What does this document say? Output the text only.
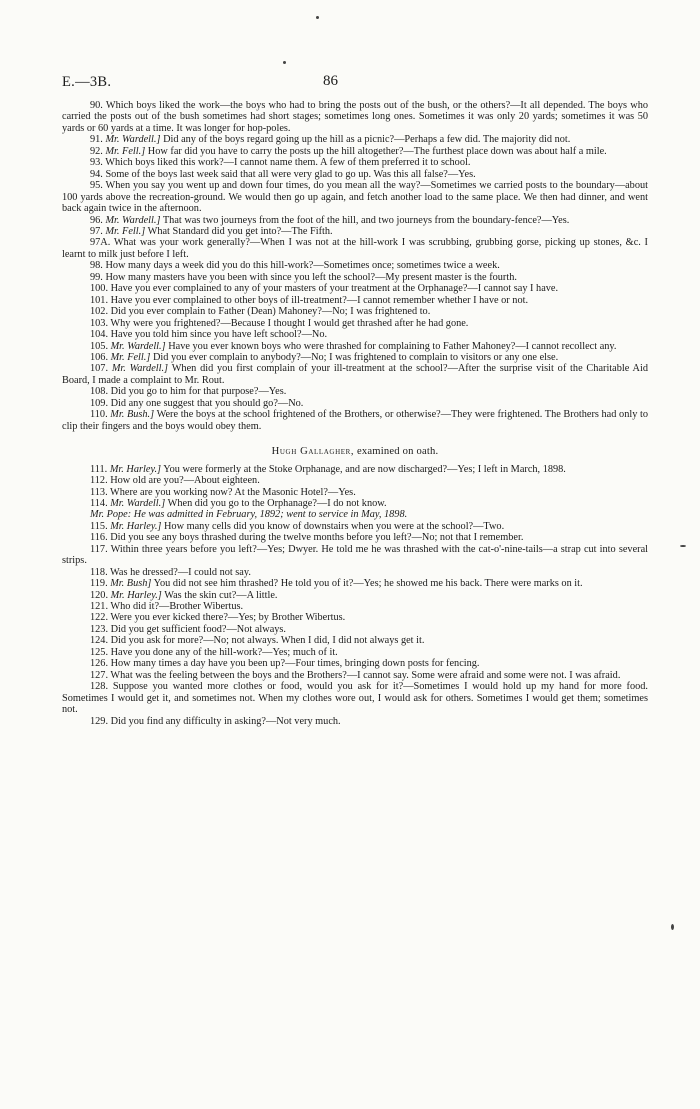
E.—3B.	86

90. Which boys liked the work—the boys who had to bring the posts out of the bush, or the others?—It all depended. The boys who carried the posts out of the bush sometimes had short stages; sometimes long ones. Sometimes it was only 20 yards; sometimes it was 50 yards or 60 yards at a time. It was longer for hop-poles.

91. Mr. Wardell.] Did any of the boys regard going up the hill as a picnic?—Perhaps a few did. The majority did not.

92. Mr. Fell.] How far did you have to carry the posts up the hill altogether?—The furthest place down was about half a mile.

93. Which boys liked this work?—I cannot name them. A few of them preferred it to school.

94. Some of the boys last week said that all were very glad to go up. Was this all false?—Yes.

95. When you say you went up and down four times, do you mean all the way?—Sometimes we carried posts to the boundary—about 100 yards above the recreation-ground. We would then go up again, and fetch another load to the same place. We then had dinner, and went back again twice in the afternoon.

96. Mr. Wardell.] That was two journeys from the foot of the hill, and two journeys from the boundary-fence?—Yes.

97. Mr. Fell.] What Standard did you get into?—The Fifth.

97A. What was your work generally?—When I was not at the hill-work I was scrubbing, grubbing gorse, picking up stones, &c. I learnt to milk just before I left.

98. How many days a week did you do this hill-work?—Sometimes once; sometimes twice a week.

99. How many masters have you been with since you left the school?—My present master is the fourth.

100. Have you ever complained to any of your masters of your treatment at the Orphanage?—I cannot say I have.

101. Have you ever complained to other boys of ill-treatment?—I cannot remember whether I have or not.

102. Did you ever complain to Father (Dean) Mahoney?—No; I was frightened to.

103. Why were you frightened?—Because I thought I would get thrashed after he had gone.

104. Have you told him since you have left school?—No.

105. Mr. Wardell.] Have you ever known boys who were thrashed for complaining to Father Mahoney?—I cannot recollect any.

106. Mr. Fell.] Did you ever complain to anybody?—No; I was frightened to complain to visitors or any one else.

107. Mr. Wardell.] When did you first complain of your ill-treatment at the school?—After the surprise visit of the Charitable Aid Board, I made a complaint to Mr. Rout.

108. Did you go to him for that purpose?—Yes.

109. Did any one suggest that you should go?—No.

110. Mr. Bush.] Were the boys at the school frightened of the Brothers, or otherwise?—They were frightened. The Brothers had only to clip their fingers and the boys would obey them.

Hugh Gallagher, examined on oath.

111. Mr. Harley.] You were formerly at the Stoke Orphanage, and are now discharged?—Yes; I left in March, 1898.

112. How old are you?—About eighteen.

113. Where are you working now? At the Masonic Hotel?—Yes.

114. Mr. Wardell.] When did you go to the Orphanage?—I do not know.

Mr. Pope: He was admitted in February, 1892; went to service in May, 1898.

115. Mr. Harley.] How many cells did you know of downstairs when you were at the school?—Two.

116. Did you see any boys thrashed during the twelve months before you left?—No; not that I remember.

117. Within three years before you left?—Yes; Dwyer. He told me he was thrashed with the cat-o'-nine-tails—a strap cut into several strips.

118. Was he dressed?—I could not say.

119. Mr. Bush] You did not see him thrashed? He told you of it?—Yes; he showed me his back. There were marks on it.

120. Mr. Harley.] Was the skin cut?—A little.

121. Who did it?—Brother Wibertus.

122. Were you ever kicked there?—Yes; by Brother Wibertus.

123. Did you get sufficient food?—Not always.

124. Did you ask for more?—No; not always. When I did, I did not always get it.

125. Have you done any of the hill-work?—Yes; much of it.

126. How many times a day have you been up?—Four times, bringing down posts for fencing.

127. What was the feeling between the boys and the Brothers?—I cannot say. Some were afraid and some were not. I was afraid.

128. Suppose you wanted more clothes or food, would you ask for it?—Sometimes I would hold up my hand for more food. Sometimes I would get it, and sometimes not. When my clothes wore out, I would ask for others. Sometimes I would get them; sometimes not.

129. Did you find any difficulty in asking?—Not very much.
